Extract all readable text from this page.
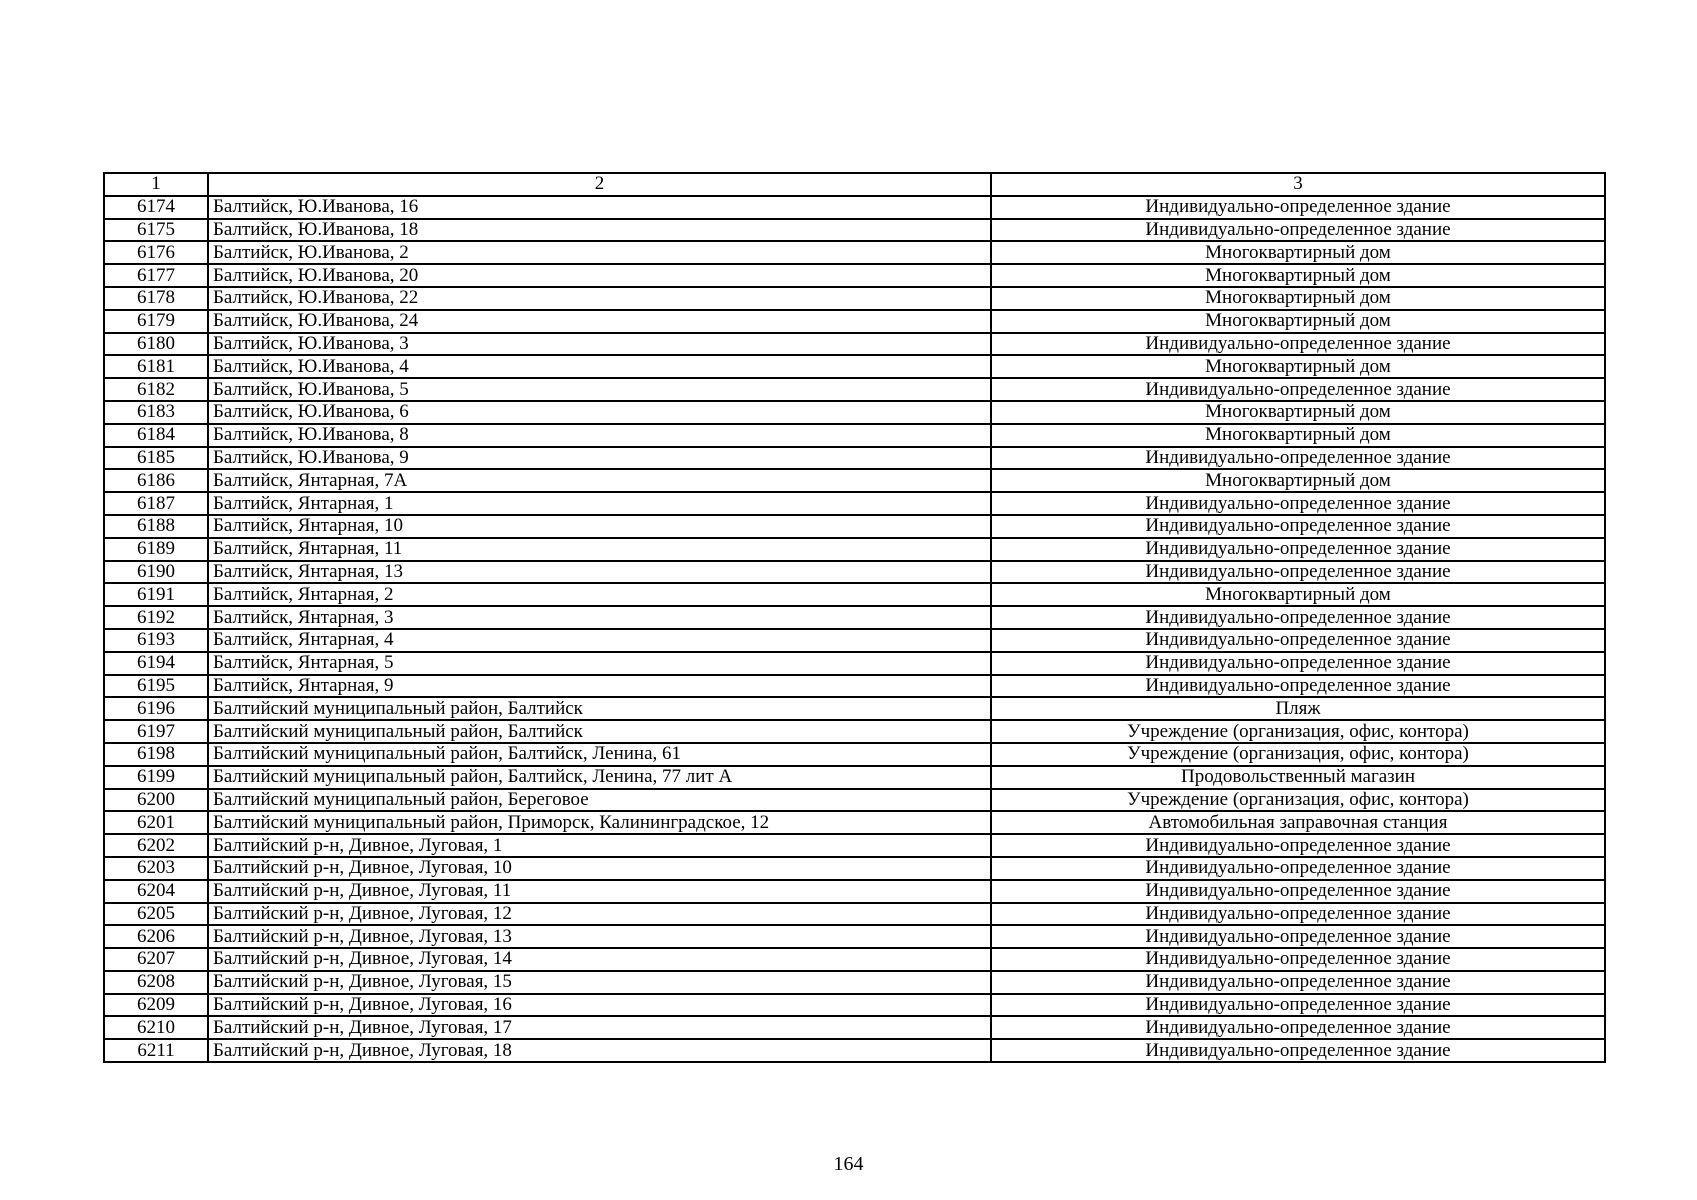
1	2	3
6174	Балтийск, Ю.Иванова, 16	Индивидуально-определенное здание
6175	Балтийск, Ю.Иванова, 18	Индивидуально-определенное здание
6176	Балтийск, Ю.Иванова, 2	Многоквартирный дом
6177	Балтийск, Ю.Иванова, 20	Многоквартирный дом
6178	Балтийск, Ю.Иванова, 22	Многоквартирный дом
6179	Балтийск, Ю.Иванова, 24	Многоквартирный дом
6180	Балтийск, Ю.Иванова, 3	Индивидуально-определенное здание
6181	Балтийск, Ю.Иванова, 4	Многоквартирный дом
6182	Балтийск, Ю.Иванова, 5	Индивидуально-определенное здание
6183	Балтийск, Ю.Иванова, 6	Многоквартирный дом
6184	Балтийск, Ю.Иванова, 8	Многоквартирный дом
6185	Балтийск, Ю.Иванова, 9	Индивидуально-определенное здание
6186	Балтийск, Янтарная, 7А	Многоквартирный дом
6187	Балтийск, Янтарная, 1	Индивидуально-определенное здание
6188	Балтийск, Янтарная, 10	Индивидуально-определенное здание
6189	Балтийск, Янтарная, 11	Индивидуально-определенное здание
6190	Балтийск, Янтарная, 13	Индивидуально-определенное здание
6191	Балтийск, Янтарная, 2	Многоквартирный дом
6192	Балтийск, Янтарная, 3	Индивидуально-определенное здание
6193	Балтийск, Янтарная, 4	Индивидуально-определенное здание
6194	Балтийск, Янтарная, 5	Индивидуально-определенное здание
6195	Балтийск, Янтарная, 9	Индивидуально-определенное здание
6196	Балтийский муниципальный район, Балтийск	Пляж
6197	Балтийский муниципальный район, Балтийск	Учреждение (организация, офис, контора)
6198	Балтийский муниципальный район, Балтийск, Ленина, 61	Учреждение (организация, офис, контора)
6199	Балтийский муниципальный район, Балтийск, Ленина, 77 лит А	Продовольственный магазин
6200	Балтийский муниципальный район, Береговое	Учреждение (организация, офис, контора)
6201	Балтийский муниципальный район, Приморск, Калининградское, 12	Автомобильная заправочная станция
6202	Балтийский р-н, Дивное, Луговая, 1	Индивидуально-определенное здание
6203	Балтийский р-н, Дивное, Луговая, 10	Индивидуально-определенное здание
6204	Балтийский р-н, Дивное, Луговая, 11	Индивидуально-определенное здание
6205	Балтийский р-н, Дивное, Луговая, 12	Индивидуально-определенное здание
6206	Балтийский р-н, Дивное, Луговая, 13	Индивидуально-определенное здание
6207	Балтийский р-н, Дивное, Луговая, 14	Индивидуально-определенное здание
6208	Балтийский р-н, Дивное, Луговая, 15	Индивидуально-определенное здание
6209	Балтийский р-н, Дивное, Луговая, 16	Индивидуально-определенное здание
6210	Балтийский р-н, Дивное, Луговая, 17	Индивидуально-определенное здание
6211	Балтийский р-н, Дивное, Луговая, 18	Индивидуально-определенное здание
164
